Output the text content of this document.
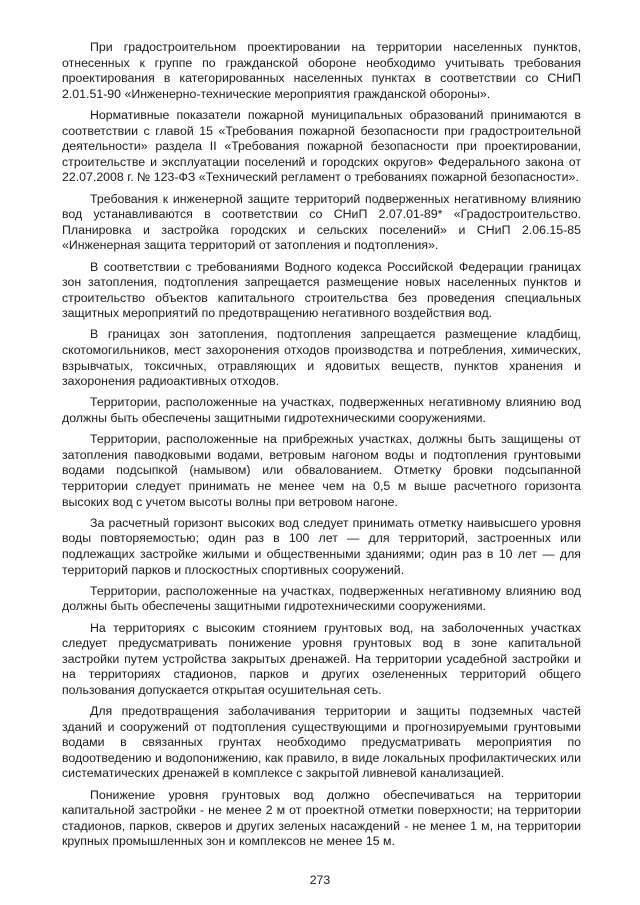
При градостроительном проектировании на территории населенных пунктов, отнесенных к группе по гражданской обороне необходимо учитывать требования проектирования в категорированных населенных пунктах в соответствии со СНиП 2.01.51-90 «Инженерно-технические мероприятия гражданской обороны».

Нормативные показатели пожарной муниципальных образований принимаются в соответствии с главой 15 «Требования пожарной безопасности при градостроительной деятельности» раздела II «Требования пожарной безопасности при проектировании, строительстве и эксплуатации поселений и городских округов» Федерального закона от 22.07.2008 г. № 123-ФЗ «Технический регламент о требованиях пожарной безопасности».

Требования к инженерной защите территорий подверженных негативному влиянию вод устанавливаются в соответствии со СНиП 2.07.01-89* «Градостроительство. Планировка и застройка городских и сельских поселений» и СНиП 2.06.15-85 «Инженерная защита территорий от затопления и подтопления».

В соответствии с требованиями Водного кодекса Российской Федерации границах зон затопления, подтопления запрещается размещение новых населенных пунктов и строительство объектов капитального строительства без проведения специальных защитных мероприятий по предотвращению негативного воздействия вод.

В границах зон затопления, подтопления запрещается размещение кладбищ, скотомогильников, мест захоронения отходов производства и потребления, химических, взрывчатых, токсичных, отравляющих и ядовитых веществ, пунктов хранения и захоронения радиоактивных отходов.

Территории, расположенные на участках, подверженных негативному влиянию вод должны быть обеспечены защитными гидротехническими сооружениями.

Территории, расположенные на прибрежных участках, должны быть защищены от затопления паводковыми водами, ветровым нагоном воды и подтопления грунтовыми водами подсыпкой (намывом) или обвалованием. Отметку бровки подсыпанной территории следует принимать не менее чем на 0,5 м выше расчетного горизонта высоких вод с учетом высоты волны при ветровом нагоне.

За расчетный горизонт высоких вод следует принимать отметку наивысшего уровня воды повторяемостью; один раз в 100 лет — для территорий, застроенных или подлежащих застройке жилыми и общественными зданиями; один раз в 10 лет — для территорий парков и плоскостных спортивных сооружений.

Территории, расположенные на участках, подверженных негативному влиянию вод должны быть обеспечены защитными гидротехническими сооружениями.

На территориях с высоким стоянием грунтовых вод, на заболоченных участках следует предусматривать понижение уровня грунтовых вод в зоне капитальной застройки путем устройства закрытых дренажей. На территории усадебной застройки и на территориях стадионов, парков и других озелененных территорий общего пользования допускается открытая осушительная сеть.

Для предотвращения заболачивания территории и защиты подземных частей зданий и сооружений от подтопления существующими и прогнозируемыми грунтовыми водами в связанных грунтах необходимо предусматривать мероприятия по водоотведению и водопонижению, как правило, в виде локальных профилактических или систематических дренажей в комплексе с закрытой ливневой канализацией.

Понижение уровня грунтовых вод должно обеспечиваться на территории капитальной застройки - не менее 2 м от проектной отметки поверхности; на территории стадионов, парков, скверов и других зеленых насаждений - не менее 1 м, на территории крупных промышленных зон и комплексов не менее 15 м.

273
